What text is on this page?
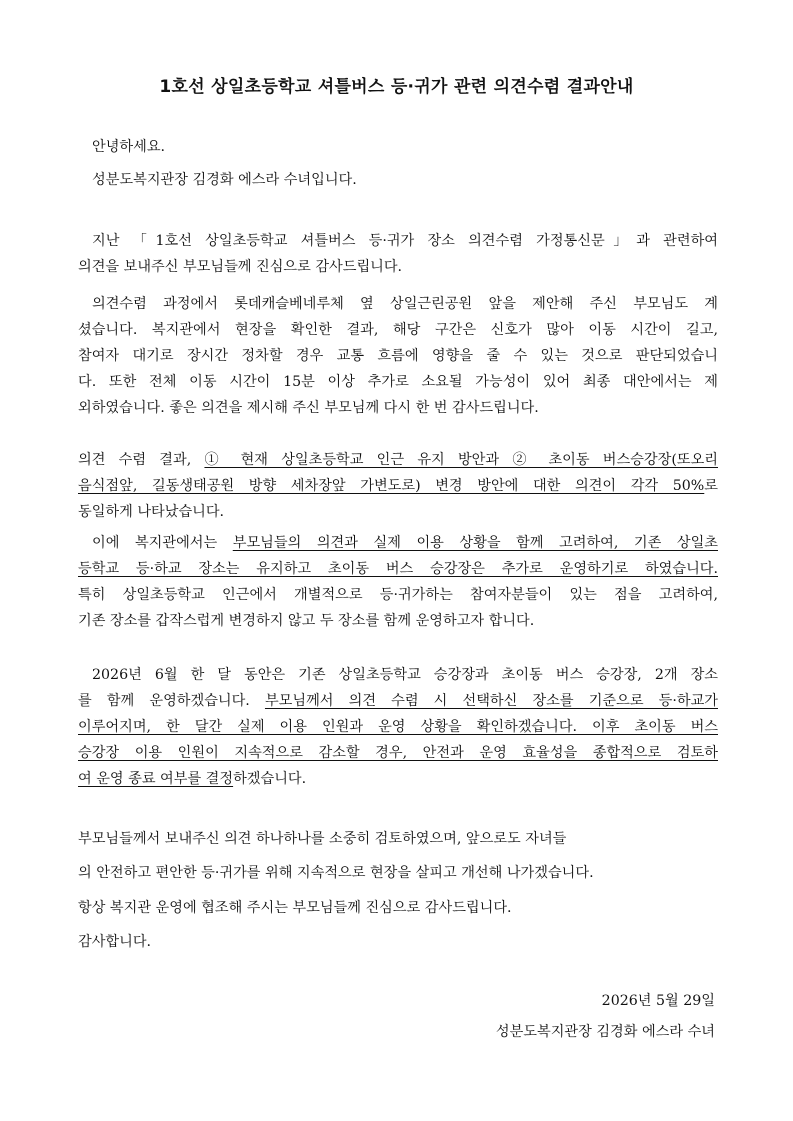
1호선 상일초등학교 셔틀버스 등·귀가 관련 의견수렴 결과안내
안녕하세요.
성분도복지관장 김경화 에스라 수녀입니다.
지난 「1호선 상일초등학교 셔틀버스 등·귀가 장소 의견수렴 가정통신문」과 관련하여
의견을 보내주신 부모님들께 진심으로 감사드립니다.
의견수렴 과정에서 롯데캐슬베네루체 옆 상일근린공원 앞을 제안해 주신 부모님도 계
셨습니다. 복지관에서 현장을 확인한 결과, 해당 구간은 신호가 많아 이동 시간이 길고,
참여자 대기로 장시간 정차할 경우 교통 흐름에 영향을 줄 수 있는 것으로 판단되었습니
다. 또한 전체 이동 시간이 15분 이상 추가로 소요될 가능성이 있어 최종 대안에서는 제
외하였습니다. 좋은 의견을 제시해 주신 부모님께 다시 한 번 감사드립니다.
의견 수렴 결과, ① 현재 상일초등학교 인근 유지 방안과 ② 초이동 버스승강장(또오리
음식점앞, 길동생태공원 방향 세차장앞 가변도로) 변경 방안에 대한 의견이 각각 50%로
동일하게 나타났습니다.
이에 복지관에서는 부모님들의 의견과 실제 이용 상황을 함께 고려하여, 기존 상일초
등학교 등·하교 장소는 유지하고 초이동 버스 승강장은 추가로 운영하기로 하였습니다.
특히 상일초등학교 인근에서 개별적으로 등·귀가하는 참여자분들이 있는 점을 고려하여,
기존 장소를 갑작스럽게 변경하지 않고 두 장소를 함께 운영하고자 합니다.
2026년 6월 한 달 동안은 기존 상일초등학교 승강장과 초이동 버스 승강장, 2개 장소
를 함께 운영하겠습니다. 부모님께서 의견 수렴 시 선택하신 장소를 기준으로 등·하교가
이루어지며, 한 달간 실제 이용 인원과 운영 상황을 확인하겠습니다. 이후 초이동 버스
승강장 이용 인원이 지속적으로 감소할 경우, 안전과 운영 효율성을 종합적으로 검토하
여 운영 종료 여부를 결정하겠습니다.
부모님들께서 보내주신 의견 하나하나를 소중히 검토하였으며, 앞으로도 자녀들
의 안전하고 편안한 등·귀가를 위해 지속적으로 현장을 살피고 개선해 나가겠습니다.
항상 복지관 운영에 협조해 주시는 부모님들께 진심으로 감사드립니다.
감사합니다.
2026년 5월 29일
성분도복지관장 김경화 에스라 수녀
